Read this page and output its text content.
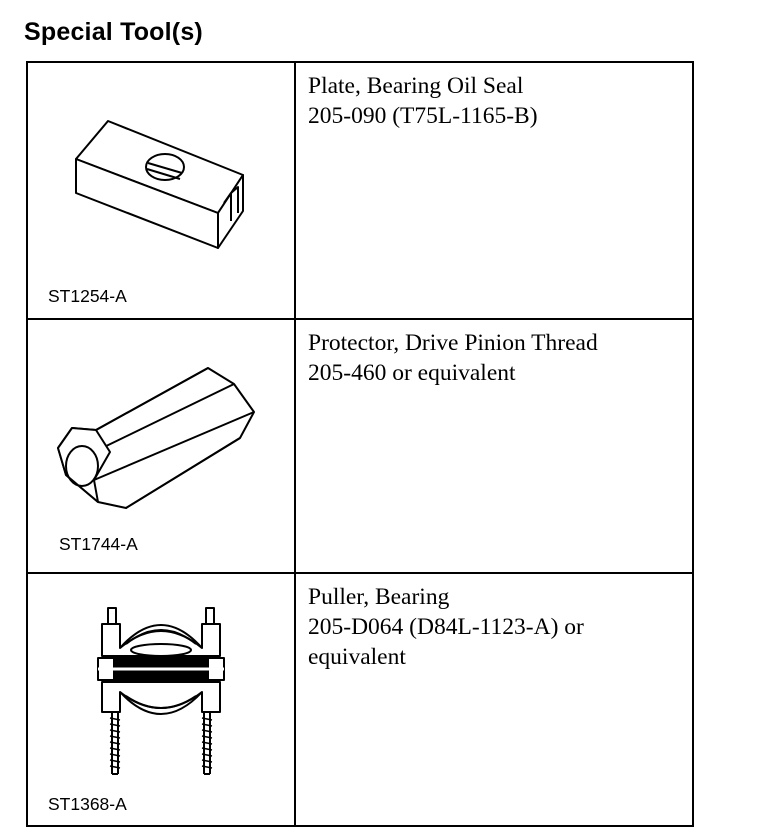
Special Tool(s)
ST1254-A
Plate, Bearing Oil Seal
205-090 (T75L-1165-B)
ST1744-A
Protector, Drive Pinion Thread
205-460 or equivalent
ST1368-A
Puller, Bearing
205-D064 (D84L-1123-A) or
equivalent
